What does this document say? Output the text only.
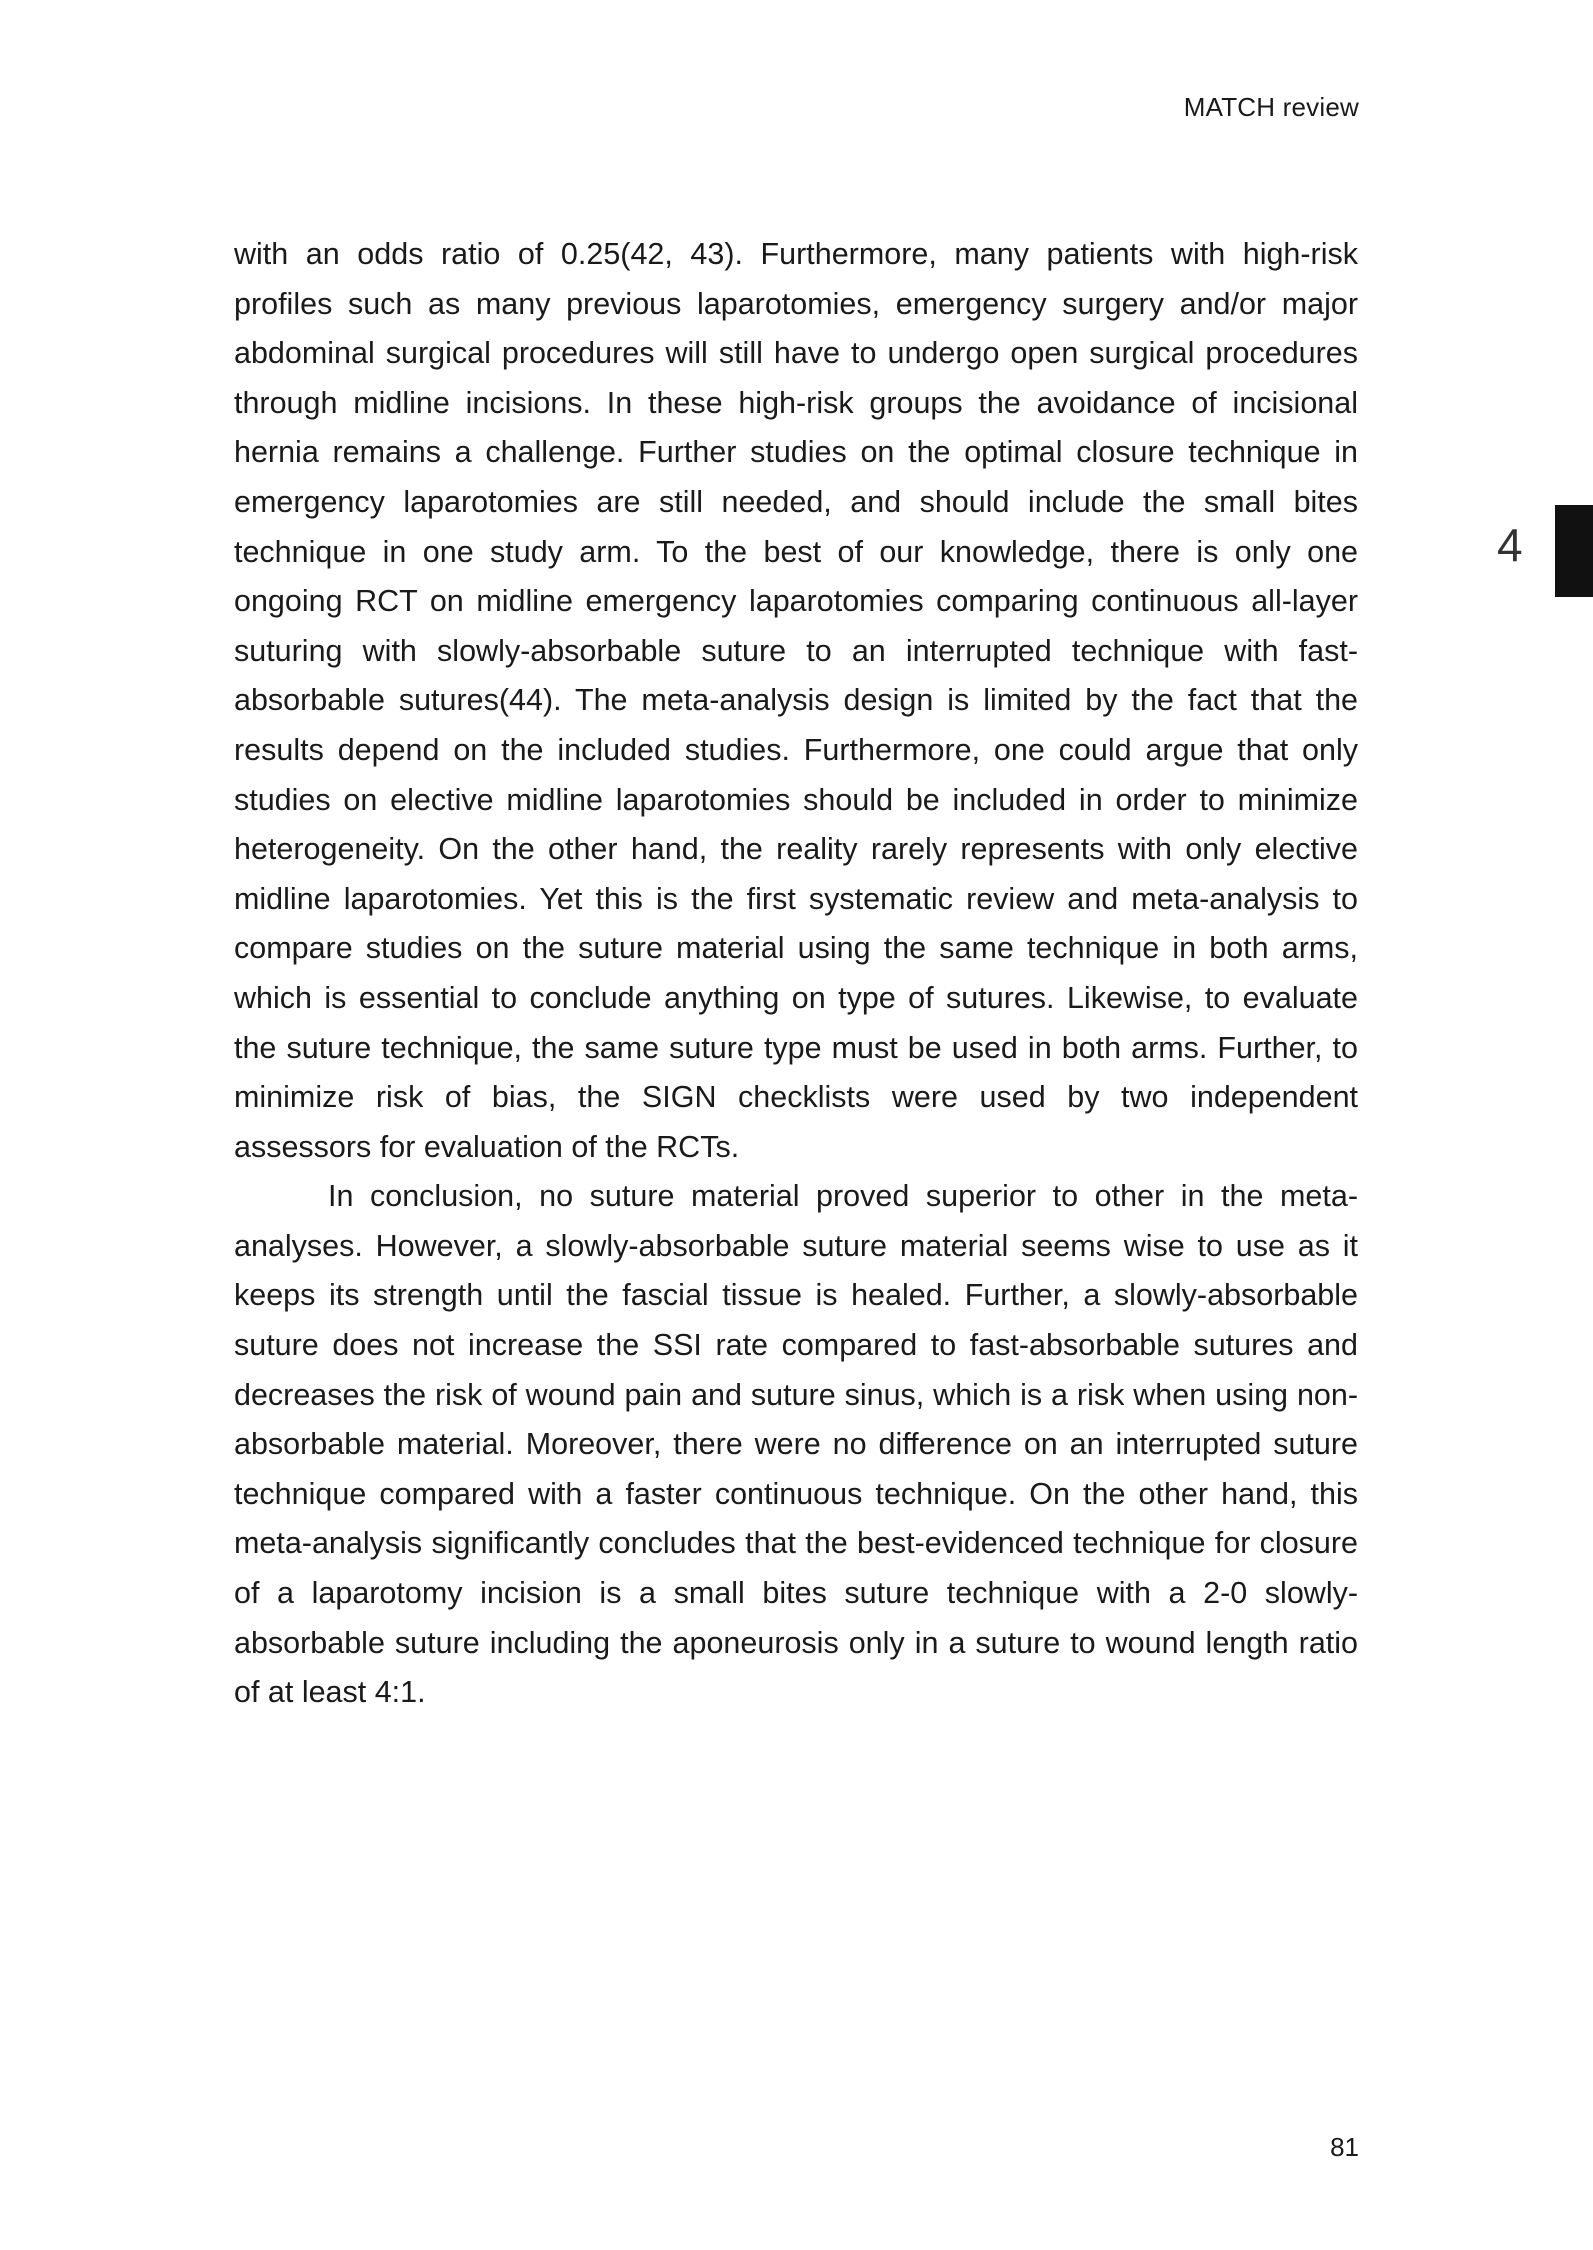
MATCH review
4

with an odds ratio of 0.25(42, 43). Furthermore, many patients with high-risk profiles such as many previous laparotomies, emergency surgery and/or major abdominal surgical procedures will still have to undergo open surgical procedures through midline incisions. In these high-risk groups the avoidance of incisional hernia remains a challenge. Further studies on the optimal closure technique in emergency laparotomies are still needed, and should include the small bites technique in one study arm. To the best of our knowledge, there is only one ongoing RCT on midline emergency laparotomies comparing continuous all-layer suturing with slowly-absorbable suture to an interrupted technique with fast-absorbable sutures(44). The meta-analysis design is limited by the fact that the results depend on the included studies. Furthermore, one could argue that only studies on elective midline laparotomies should be included in order to minimize heterogeneity. On the other hand, the reality rarely represents with only elective midline laparotomies. Yet this is the first systematic review and meta-analysis to compare studies on the suture material using the same technique in both arms, which is essential to conclude anything on type of sutures. Likewise, to evaluate the suture technique, the same suture type must be used in both arms. Further, to minimize risk of bias, the SIGN checklists were used by two independent assessors for evaluation of the RCTs.

In conclusion, no suture material proved superior to other in the meta-analyses. However, a slowly-absorbable suture material seems wise to use as it keeps its strength until the fascial tissue is healed. Further, a slowly-absorbable suture does not increase the SSI rate compared to fast-absorbable sutures and decreases the risk of wound pain and suture sinus, which is a risk when using non-absorbable material. Moreover, there were no difference on an interrupted suture technique compared with a faster continuous technique. On the other hand, this meta-analysis significantly concludes that the best-evidenced technique for closure of a laparotomy incision is a small bites suture technique with a 2-0 slowly-absorbable suture including the aponeurosis only in a suture to wound length ratio of at least 4:1.

81
